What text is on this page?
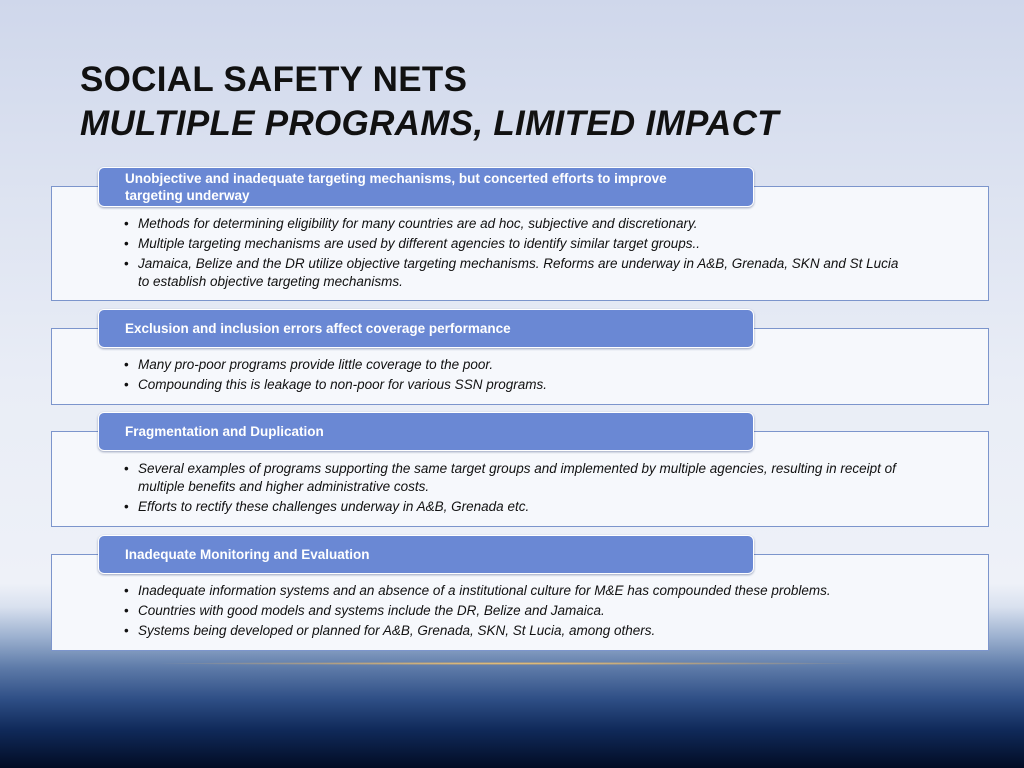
SOCIAL SAFETY NETS
MULTIPLE PROGRAMS, LIMITED IMPACT
Unobjective and inadequate targeting mechanisms, but concerted efforts to improve targeting underway
• Methods for determining eligibility for many countries are ad hoc, subjective and discretionary.
• Multiple targeting mechanisms are used by different agencies to identify similar target groups..
• Jamaica, Belize and the DR utilize objective targeting mechanisms. Reforms are underway in A&B, Grenada, SKN and St Lucia to establish objective targeting mechanisms.
Exclusion and inclusion errors affect coverage performance
• Many pro-poor programs provide little coverage to the poor.
• Compounding this is leakage to non-poor for various SSN programs.
Fragmentation and Duplication
• Several examples of programs supporting the same target groups and implemented by multiple agencies, resulting in receipt of multiple benefits and higher administrative costs.
• Efforts to rectify these challenges underway in A&B, Grenada etc.
Inadequate Monitoring and Evaluation
• Inadequate information systems and an absence of a institutional culture for M&E has compounded these problems.
• Countries with good models and systems include the DR, Belize and Jamaica.
• Systems being developed or planned for A&B, Grenada, SKN, St Lucia, among others.
